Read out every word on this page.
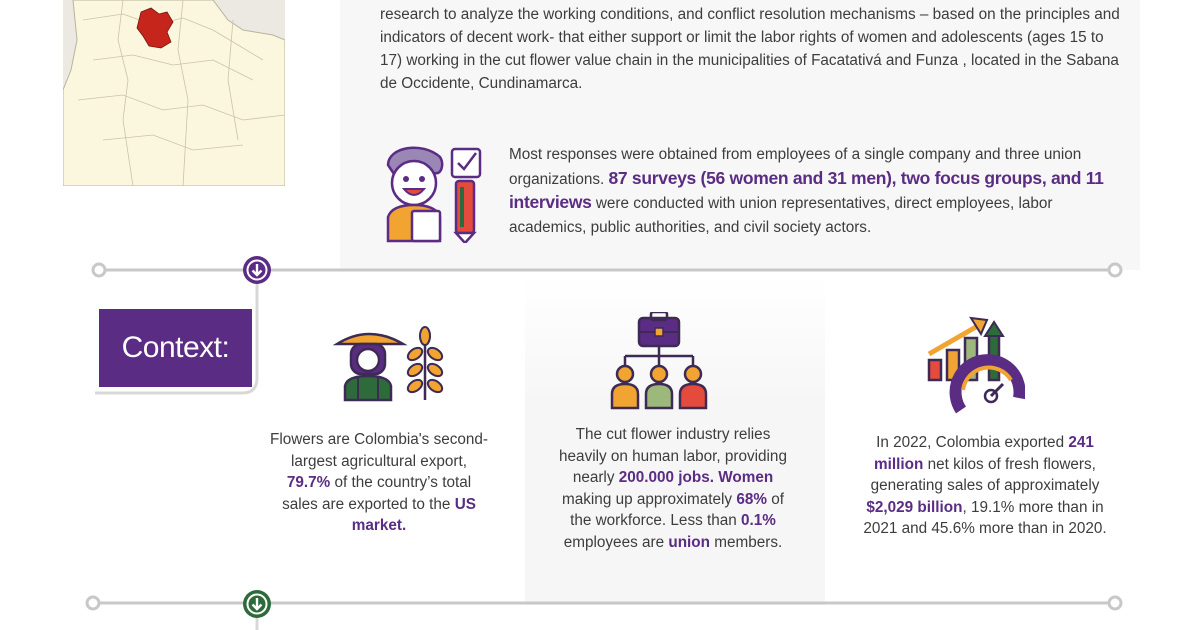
research to analyze the working conditions, and conflict resolution mechanisms – based on the principles and indicators of decent work- that either support or limit the labor rights of women and adolescents (ages 15 to 17) working in the cut flower value chain in the municipalities of Facatativá and Funza , located in the Sabana de Occidente, Cundinamarca.

Most responses were obtained from employees of a single company and three union organizations. 87 surveys (56 women and 31 men), two focus groups, and 11 interviews were conducted with union representatives, direct employees, labor academics, public authorities, and civil society actors.

Context:

Flowers are Colombia's second-largest agricultural export, 79.7% of the country’s total sales are exported to the US market.

The cut flower industry relies heavily on human labor, providing nearly 200.000 jobs. Women making up approximately 68% of the workforce. Less than 0.1% employees are union members.

In 2022, Colombia exported 241 million net kilos of fresh flowers, generating sales of approximately $2,029 billion, 19.1% more than in 2021 and 45.6% more than in 2020.
